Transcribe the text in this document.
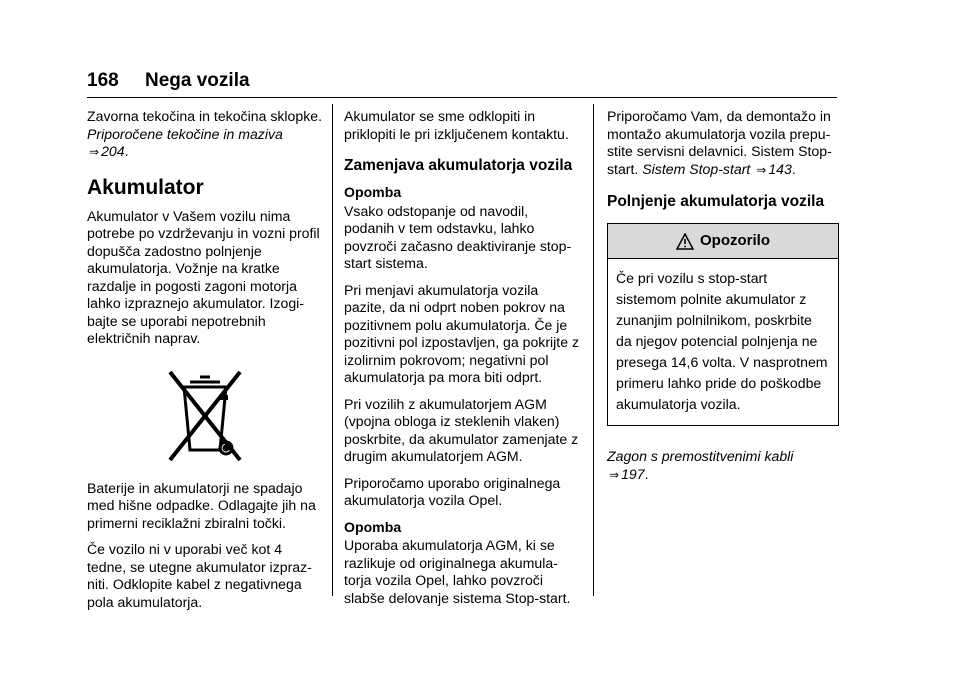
168 Nega vozila

Zavorna tekočina in tekočina sklopke. Priporočene tekočine in maziva ⇒ 204.

Akumulator

Akumulator v Vašem vozilu nima potrebe po vzdrževanju in vozni profil dopušča zadostno polnjenje akumulatorja. Vožnje na kratke razdalje in pogosti zagoni motorja lahko izpraznejo akumulator. Izogi-bajte se uporabi nepotrebnih električnih naprav.

Baterije in akumulatorji ne spadajo med hišne odpadke. Odlagajte jih na primerni reciklažni zbiralni točki.

Če vozilo ni v uporabi več kot 4 tedne, se utegne akumulator izpraz-niti. Odklopite kabel z negativnega pola akumulatorja.

Akumulator se sme odklopiti in priklopiti le pri izključenem kontaktu.

Zamenjava akumulatorja vozila
Opomba

Vsako odstopanje od navodil, podanih v tem odstavku, lahko povzroči začasno deaktiviranje stop-start sistema.

Pri menjavi akumulatorja vozila pazite, da ni odprt noben pokrov na pozitivnem polu akumulatorja. Če je pozitivni pol izpostavljen, ga pokrijte z izolirnim pokrovom; negativni pol akumulatorja pa mora biti odprt.

Pri vozilih z akumulatorjem AGM (vpojna obloga iz steklenih vlaken) poskrbite, da akumulator zamenjate z drugim akumulatorjem AGM.

Priporočamo uporabo originalnega akumulatorja vozila Opel.

Opomba

Uporaba akumulatorja AGM, ki se razlikuje od originalnega akumula-torja vozila Opel, lahko povzroči slabše delovanje sistema Stop-start.

Priporočamo Vam, da demontažo in montažo akumulatorja vozila prepu-stite servisni delavnici. Sistem Stop-start. Sistem Stop-start ⇒ 143.

Polnjenje akumulatorja vozila
Opozorilo
Če pri vozilu s stop-start sistemom polnite akumulator z zunanjim polnilnikom, poskrbite da njegov potencial polnjenja ne presega 14,6 volta. V nasprotnem primeru lahko pride do poškodbe akumulatorja vozila.

Zagon s premostitvenimi kabli
⇒ 197.
